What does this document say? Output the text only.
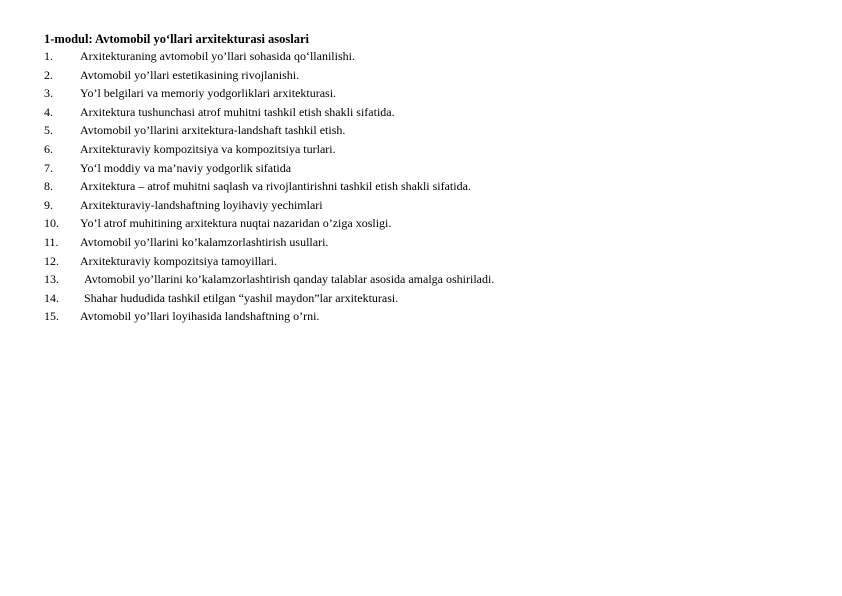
1-modul: Avtomobil yo‘llari arxitekturasi asoslari
1. Arxitekturaning avtomobil yo’llari sohasida qo‘llanilishi.
2. Avtomobil yo’llari estetikasining rivojlanishi.
3. Yo’l belgilari va memoriy yodgorliklari arxitekturasi.
4. Arxitektura tushunchasi atrof muhitni tashkil etish shakli sifatida.
5. Avtomobil yo’llarini arxitektura-landshaft tashkil etish.
6. Arxitekturaviy kompozitsiya va kompozitsiya turlari.
7. Yo‘l moddiy va ma’naviy yodgorlik sifatida
8. Arxitektura – atrof muhitni saqlash va rivojlantirishni tashkil etish shakli sifatida.
9. Arxitekturaviy-landshaftning loyihaviy yechimlari
10. Yo’l atrof muhitining arxitektura nuqtai nazaridan o’ziga xosligi.
11. Avtomobil yo’llarini ko’kalamzorlashtirish usullari.
12. Arxitekturaviy kompozitsiya tamoyillari.
13. Avtomobil yo’llarini ko’kalamzorlashtirish qanday talablar asosida amalga oshiriladi.
14. Shahar hududida tashkil etilgan “yashil maydon”lar arxitekturasi.
15. Avtomobil yo’llari loyihasida landshaftning o’rni.
